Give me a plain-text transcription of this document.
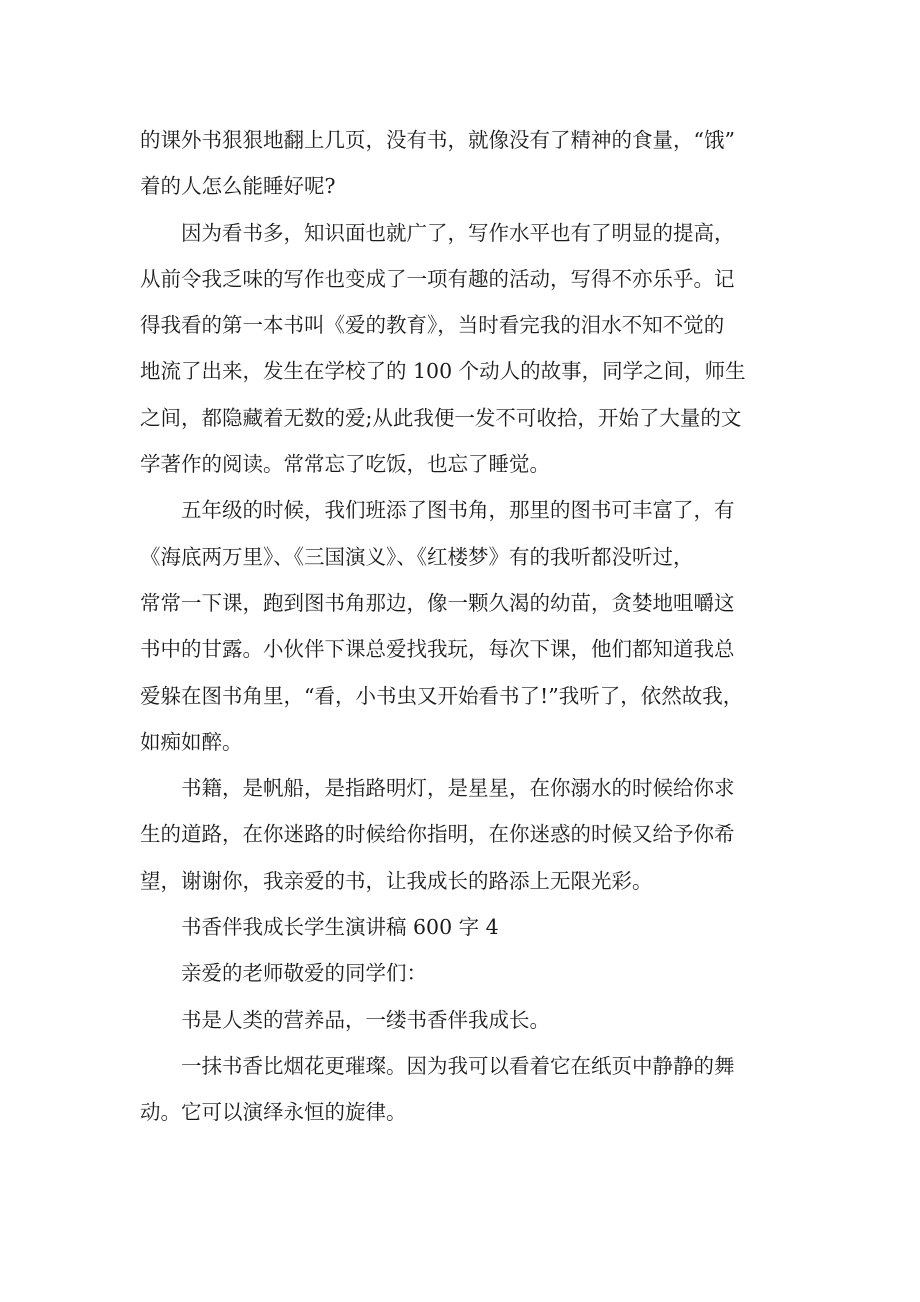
的课外书狠狠地翻上几页，没有书，就像没有了精神的食量，“饿”
着的人怎么能睡好呢?

因为看书多，知识面也就广了，写作水平也有了明显的提高，
从前令我乏味的写作也变成了一项有趣的活动，写得不亦乐乎。记
得我看的第一本书叫《爱的教育》，当时看完我的泪水不知不觉的
地流了出来，发生在学校了的 100 个动人的故事，同学之间，师生
之间，都隐藏着无数的爱;从此我便一发不可收拾，开始了大量的文
学著作的阅读。常常忘了吃饭，也忘了睡觉。

五年级的时候，我们班添了图书角，那里的图书可丰富了，有
《海底两万里》、《三国演义》、《红楼梦》有的我听都没听过，
常常一下课，跑到图书角那边，像一颗久渴的幼苗，贪婪地咀嚼这
书中的甘露。小伙伴下课总爱找我玩，每次下课，他们都知道我总
爱躲在图书角里，“看，小书虫又开始看书了!”我听了，依然故我，
如痴如醉。

书籍，是帆船，是指路明灯，是星星，在你溺水的时候给你求
生的道路，在你迷路的时候给你指明，在你迷惑的时候又给予你希
望，谢谢你，我亲爱的书，让我成长的路添上无限光彩。

书香伴我成长学生演讲稿 600 字 4

亲爱的老师敬爱的同学们：

书是人类的营养品，一缕书香伴我成长。

一抹书香比烟花更璀璨。因为我可以看着它在纸页中静静的舞
动。它可以演绎永恒的旋律。
